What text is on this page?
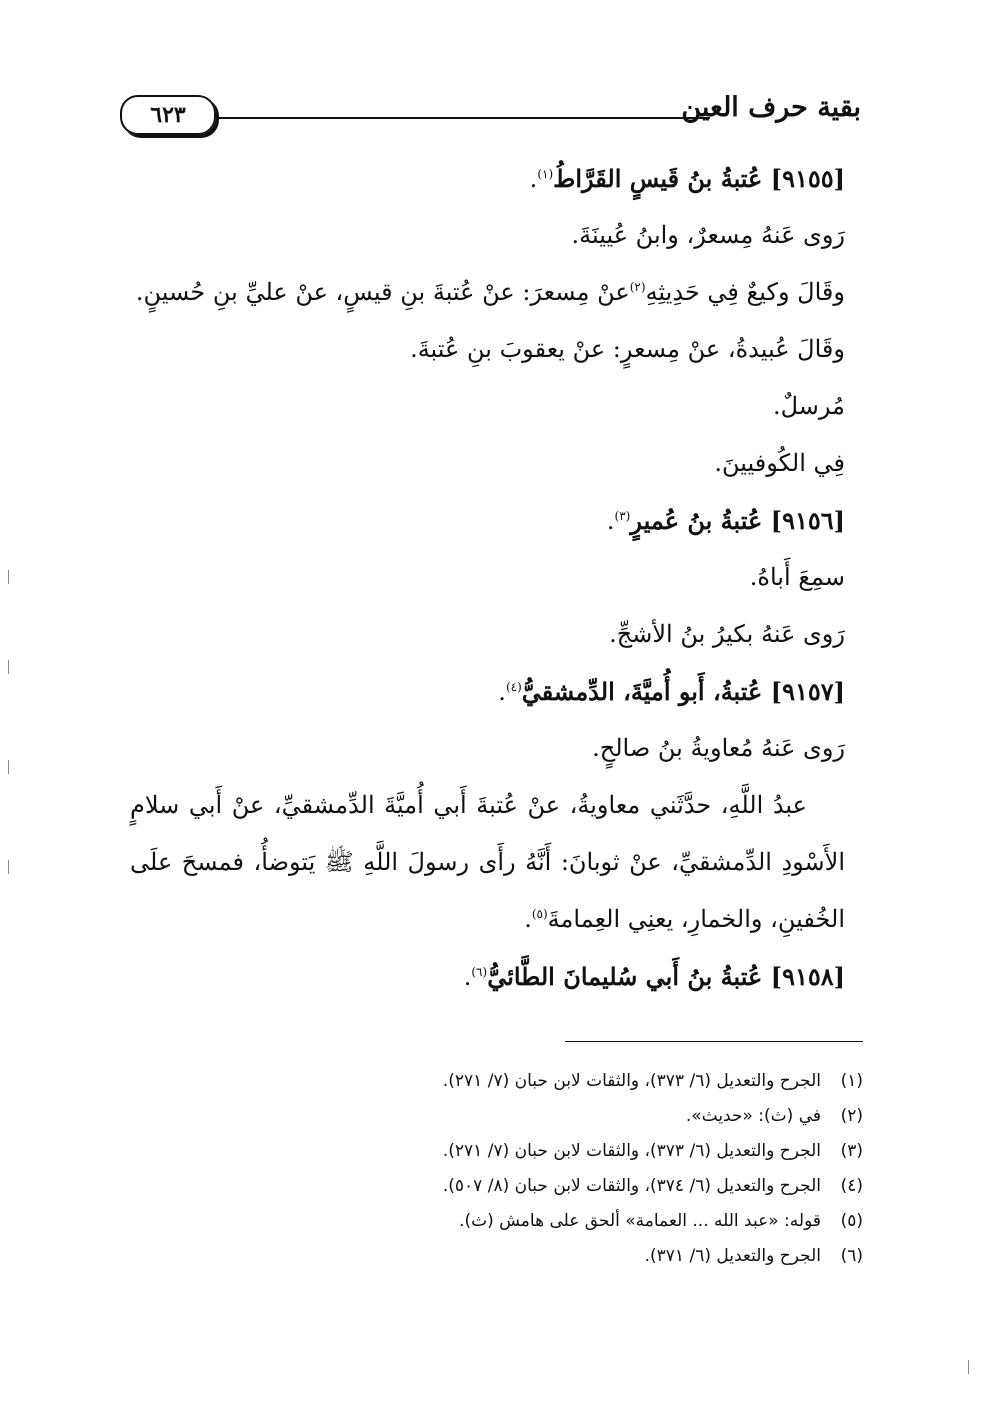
بقية حرف العين
٦٢٣
[٩١٥٥] عُتبةُ بنُ قَيسٍ القَرَّاطُ$^{(١)}$.
رَوى عَنهُ مِسعرٌ، وابنُ عُيينَةَ.
وقَالَ وكيعٌ فِي حَدِيثِهِ$^{(٢)}$عنْ مِسعرَ: عنْ عُتبةَ بنِ قيسٍ، عنْ عليِّ بنِ حُسينٍ.
وقَالَ عُبيدةُ، عنْ مِسعرٍ: عنْ يعقوبَ بنِ عُتبةَ.
مُرسلٌ.
فِي الكُوفيينَ.
[٩١٥٦] عُتبةُ بنُ عُميرٍ$^{(٣)}$.
سمِعَ أَباهُ.
رَوى عَنهُ بكيرُ بنُ الأشجِّ.
[٩١٥٧] عُتبةُ، أَبو أُميَّةَ، الدِّمشقيُّ$^{(٤)}$.
رَوى عَنهُ مُعاويةُ بنُ صالحٍ.
عبدُ اللَّهِ، حدَّثَني معاويةُ، عنْ عُتبةَ أَبي أُميَّةَ الدِّمشقيِّ، عنْ أَبي سلامٍ
الأَسْودِ الدِّمشقيِّ، عنْ ثوبانَ: أَنَّهُ رأَى رسولَ اللَّهِ ﷺ يَتوضأُ، فمسحَ علَى
الخُفينِ، والخمارِ، يعنِي العِمامةَ$^{(٥)}$.
[٩١٥٨] عُتبةُ بنُ أَبي سُليمانَ الطَّائيُّ$^{(٦)}$.
(١)الجرح والتعديل (٦/ ٣٧٣)، والثقات لابن حبان (٧/ ٢٧١).
(٢)في (ث): «حديث».
(٣)الجرح والتعديل (٦/ ٣٧٣)، والثقات لابن حبان (٧/ ٢٧١).
(٤)الجرح والتعديل (٦/ ٣٧٤)، والثقات لابن حبان (٨/ ٥٠٧).
(٥)قوله: «عبد الله ... العمامة» ألحق على هامش (ث).
(٦)الجرح والتعديل (٦/ ٣٧١).
